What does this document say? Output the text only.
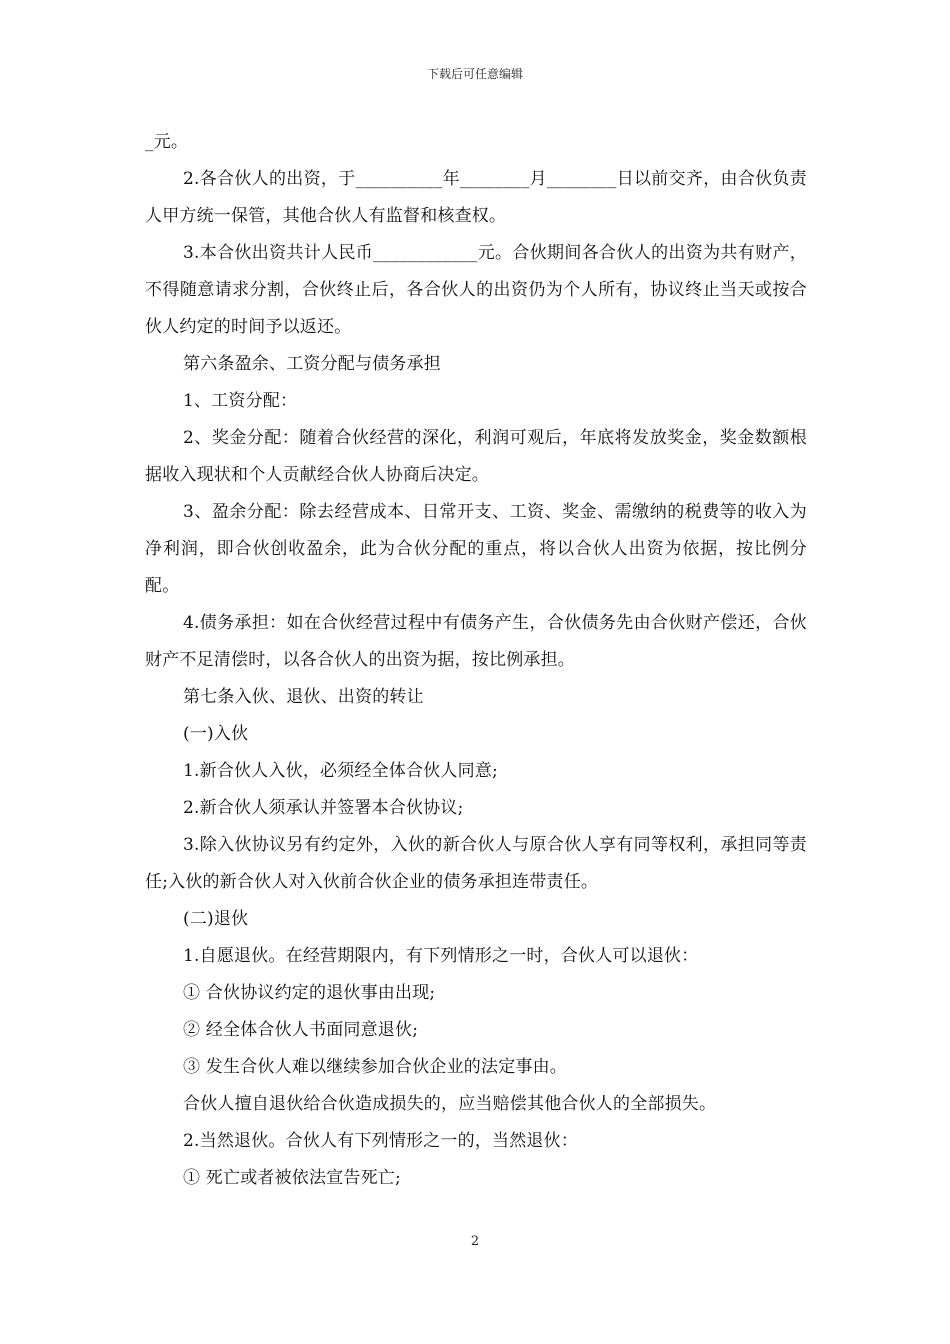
下载后可任意编辑

_元。

2.各合伙人的出资，于__________年________月________日以前交齐，由合伙负责人甲方统一保管，其他合伙人有监督和核查权。

3.本合伙出资共计人民币____________元。合伙期间各合伙人的出资为共有财产，不得随意请求分割，合伙终止后，各合伙人的出资仍为个人所有，协议终止当天或按合伙人约定的时间予以返还。

第六条盈余、工资分配与债务承担

1、工资分配：

2、奖金分配：随着合伙经营的深化，利润可观后，年底将发放奖金，奖金数额根据收入现状和个人贡献经合伙人协商后决定。

3、盈余分配：除去经营成本、日常开支、工资、奖金、需缴纳的税费等的收入为净利润，即合伙创收盈余，此为合伙分配的重点，将以合伙人出资为依据，按比例分配。

4.债务承担：如在合伙经营过程中有债务产生，合伙债务先由合伙财产偿还，合伙财产不足清偿时，以各合伙人的出资为据，按比例承担。

第七条入伙、退伙、出资的转让

(一)入伙

1.新合伙人入伙，必须经全体合伙人同意;

2.新合伙人须承认并签署本合伙协议;

3.除入伙协议另有约定外，入伙的新合伙人与原合伙人享有同等权利，承担同等责任;入伙的新合伙人对入伙前合伙企业的债务承担连带责任。

(二)退伙

1.自愿退伙。在经营期限内，有下列情形之一时，合伙人可以退伙：

① 合伙协议约定的退伙事由出现;

② 经全体合伙人书面同意退伙;

③ 发生合伙人难以继续参加合伙企业的法定事由。

合伙人擅自退伙给合伙造成损失的，应当赔偿其他合伙人的全部损失。

2.当然退伙。合伙人有下列情形之一的，当然退伙：

① 死亡或者被依法宣告死亡;

2
